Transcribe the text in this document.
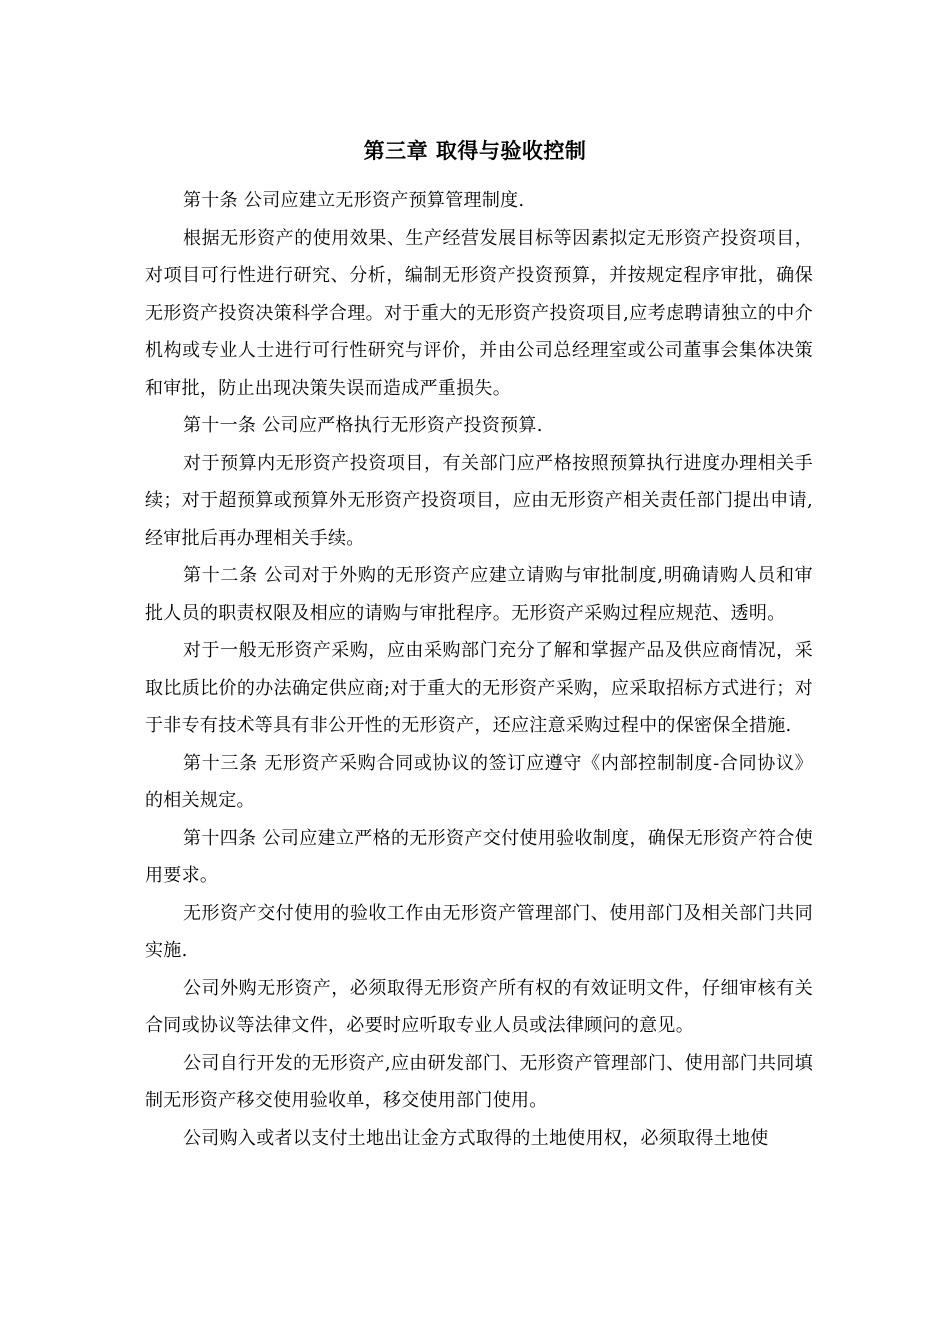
第三章 取得与验收控制

第十条 公司应建立无形资产预算管理制度.

根据无形资产的使用效果、生产经营发展目标等因素拟定无形资产投资项目，对项目可行性进行研究、分析，编制无形资产投资预算，并按规定程序审批，确保无形资产投资决策科学合理。对于重大的无形资产投资项目,应考虑聘请独立的中介机构或专业人士进行可行性研究与评价，并由公司总经理室或公司董事会集体决策和审批，防止出现决策失误而造成严重损失。

第十一条 公司应严格执行无形资产投资预算.

对于预算内无形资产投资项目，有关部门应严格按照预算执行进度办理相关手续；对于超预算或预算外无形资产投资项目，应由无形资产相关责任部门提出申请,经审批后再办理相关手续。

第十二条 公司对于外购的无形资产应建立请购与审批制度,明确请购人员和审批人员的职责权限及相应的请购与审批程序。无形资产采购过程应规范、透明。

对于一般无形资产采购，应由采购部门充分了解和掌握产品及供应商情况，采取比质比价的办法确定供应商;对于重大的无形资产采购，应采取招标方式进行；对于非专有技术等具有非公开性的无形资产，还应注意采购过程中的保密保全措施.

第十三条 无形资产采购合同或协议的签订应遵守《内部控制制度-合同协议》的相关规定。

第十四条 公司应建立严格的无形资产交付使用验收制度，确保无形资产符合使用要求。

无形资产交付使用的验收工作由无形资产管理部门、使用部门及相关部门共同实施.

公司外购无形资产，必须取得无形资产所有权的有效证明文件，仔细审核有关合同或协议等法律文件，必要时应听取专业人员或法律顾问的意见。

公司自行开发的无形资产,应由研发部门、无形资产管理部门、使用部门共同填制无形资产移交使用验收单，移交使用部门使用。

公司购入或者以支付土地出让金方式取得的土地使用权，必须取得土地使
